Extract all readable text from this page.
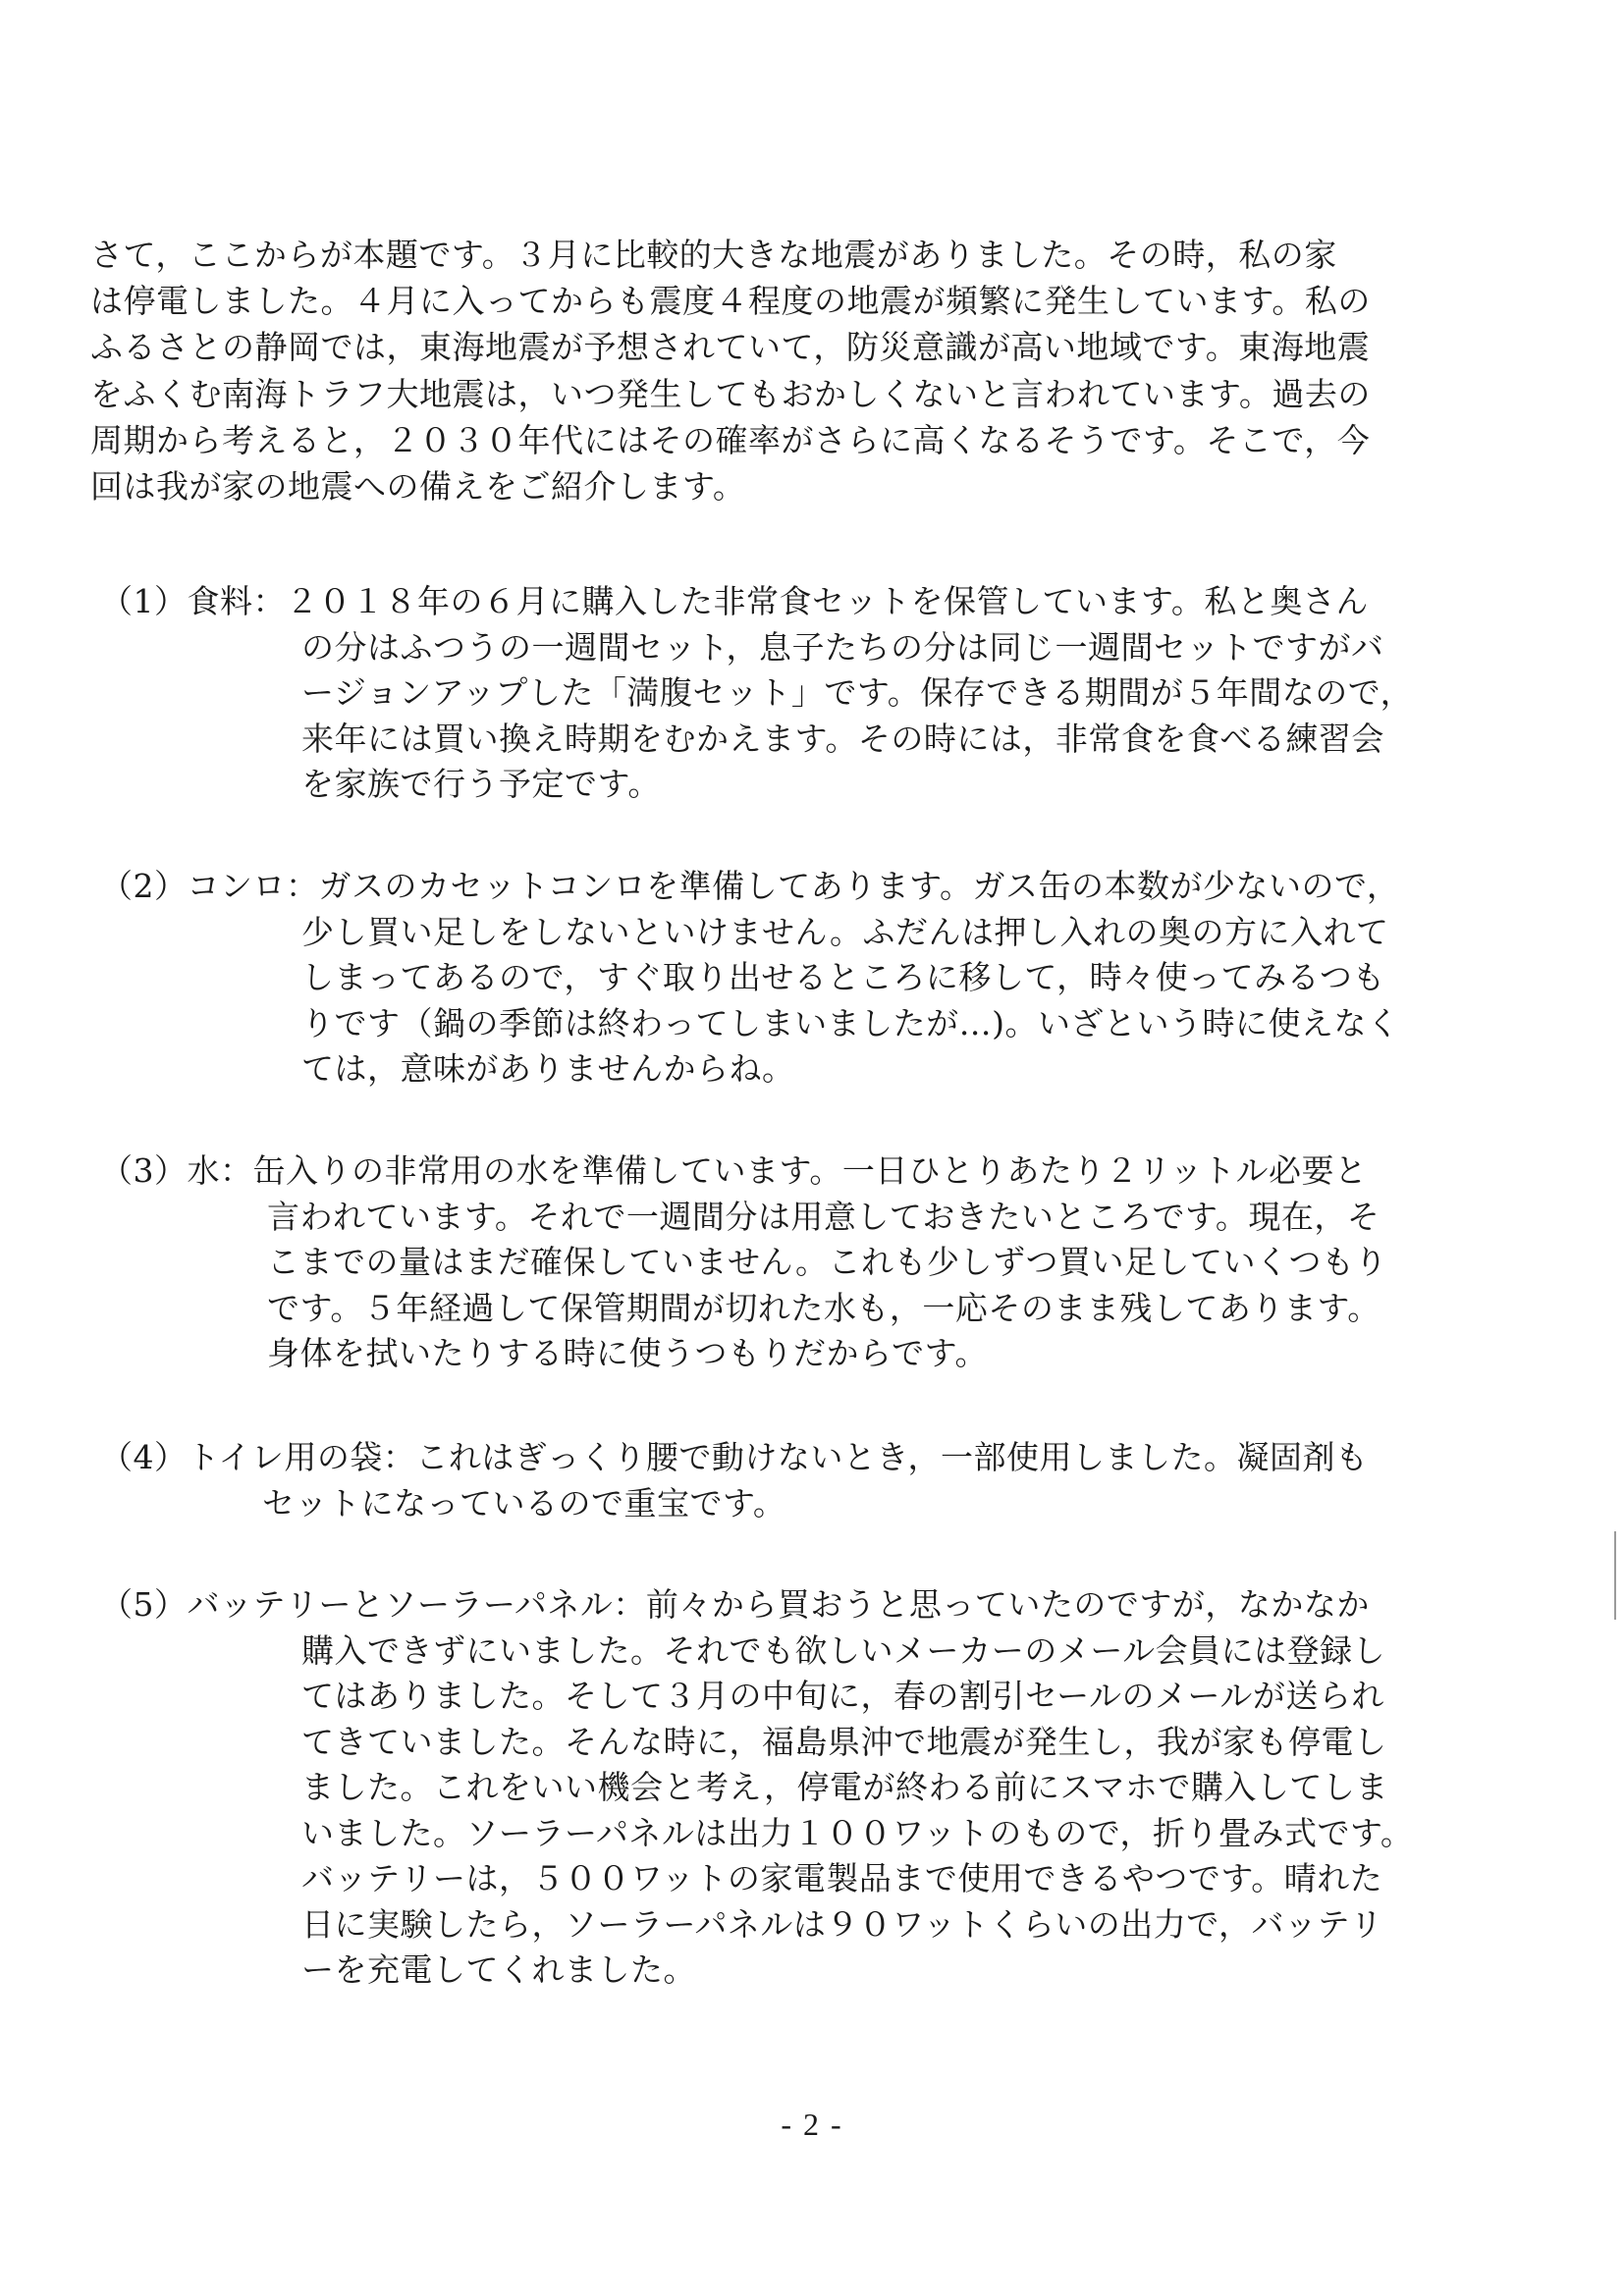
さて，ここからが本題です。３月に比較的大きな地震がありました。その時，私の家
は停電しました。４月に入ってからも震度４程度の地震が頻繁に発生しています。私の
ふるさとの静岡では，東海地震が予想されていて，防災意識が高い地域です。東海地震
をふくむ南海トラフ大地震は，いつ発生してもおかしくないと言われています。過去の
周期から考えると，２０３０年代にはその確率がさらに高くなるそうです。そこで，今
回は我が家の地震への備えをご紹介します。

（1）食料：２０１８年の６月に購入した非常食セットを保管しています。私と奥さん
の分はふつうの一週間セット，息子たちの分は同じ一週間セットですがバ
ージョンアップした「満腹セット」です。保存できる期間が５年間なので，
来年には買い換え時期をむかえます。その時には，非常食を食べる練習会
を家族で行う予定です。
（2）コンロ：ガスのカセットコンロを準備してあります。ガス缶の本数が少ないので，
少し買い足しをしないといけません。ふだんは押し入れの奥の方に入れて
しまってあるので，すぐ取り出せるところに移して，時々使ってみるつも
りです（鍋の季節は終わってしまいましたが…)。いざという時に使えなく
ては，意味がありませんからね。
（3）水：缶入りの非常用の水を準備しています。一日ひとりあたり２リットル必要と
言われています。それで一週間分は用意しておきたいところです。現在，そ
こまでの量はまだ確保していません。これも少しずつ買い足していくつもり
です。５年経過して保管期間が切れた水も，一応そのまま残してあります。
身体を拭いたりする時に使うつもりだからです。
（4）トイレ用の袋：これはぎっくり腰で動けないとき，一部使用しました。凝固剤も
セットになっているので重宝です。
（5）バッテリーとソーラーパネル：前々から買おうと思っていたのですが，なかなか
購入できずにいました。それでも欲しいメーカーのメール会員には登録し
てはありました。そして３月の中旬に，春の割引セールのメールが送られ
てきていました。そんな時に，福島県沖で地震が発生し，我が家も停電し
ました。これをいい機会と考え，停電が終わる前にスマホで購入してしま
いました。ソーラーパネルは出力１００ワットのもので，折り畳み式です。
バッテリーは，５００ワットの家電製品まで使用できるやつです。晴れた
日に実験したら，ソーラーパネルは９０ワットくらいの出力で，バッテリ
ーを充電してくれました。
- 2 -
